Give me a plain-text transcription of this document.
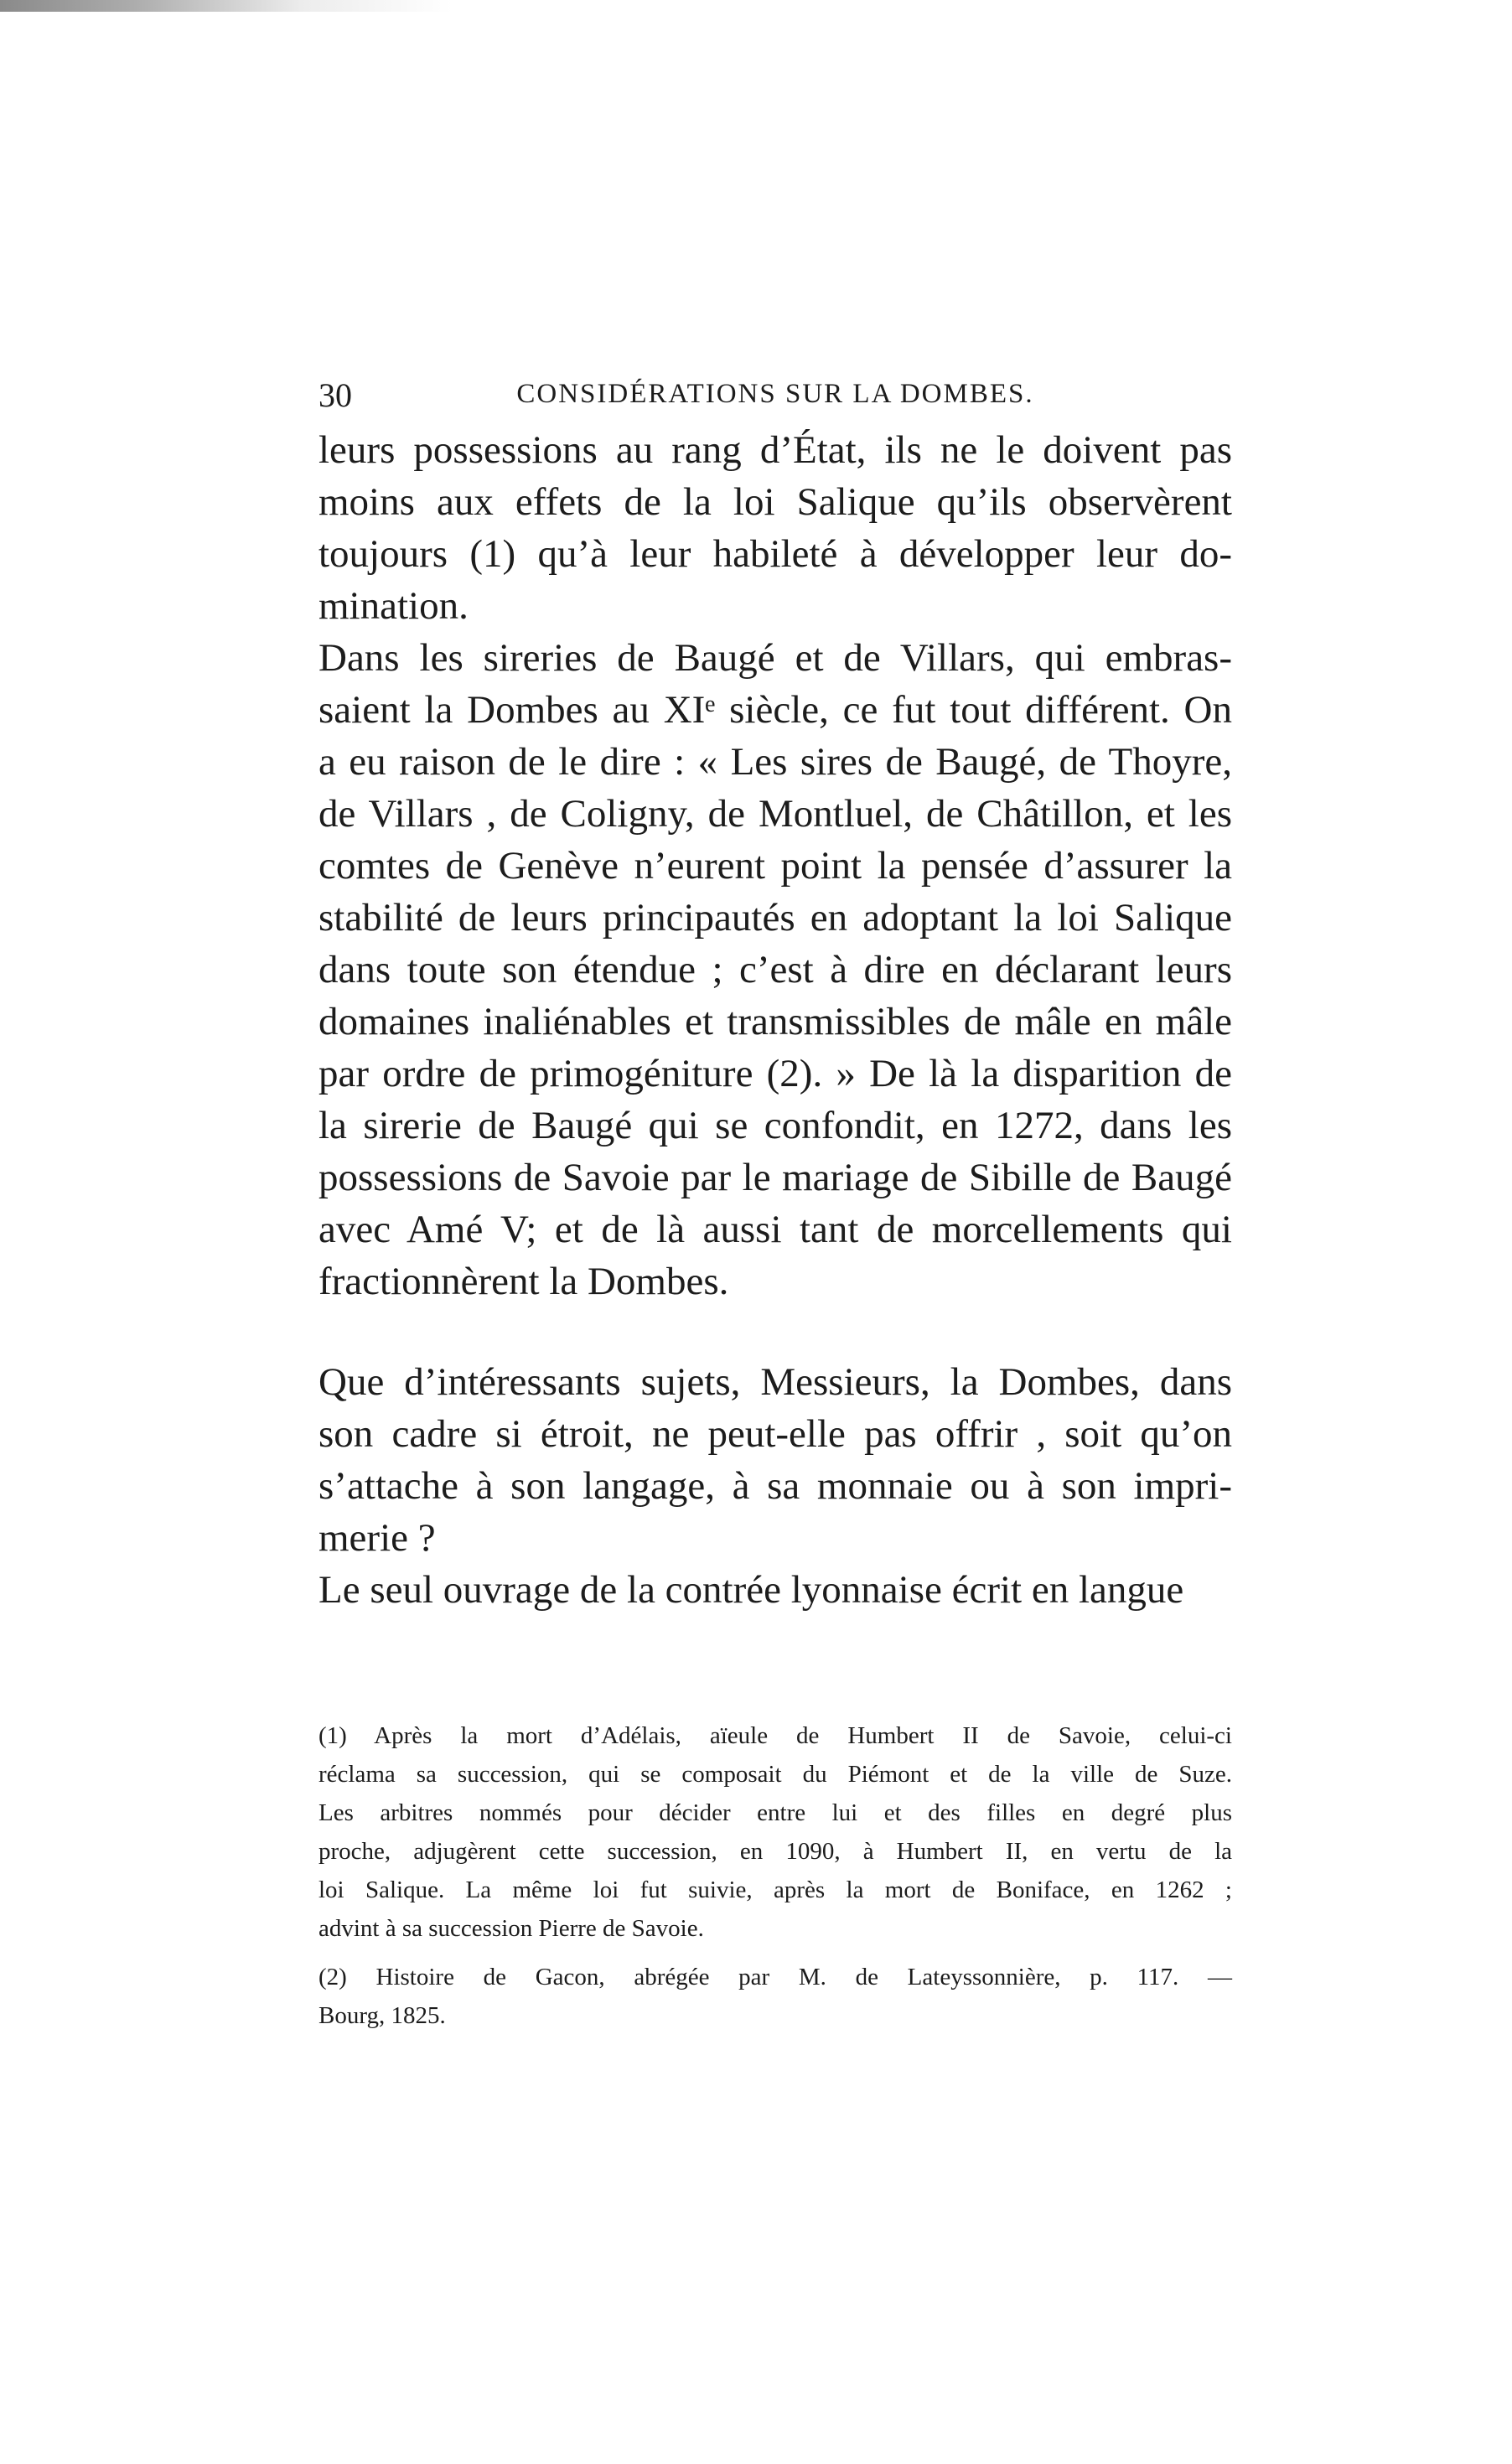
30	CONSIDÉRATIONS SUR LA DOMBES.
leurs possessions au rang d’État, ils ne le doivent pas
moins aux effets de la loi Salique qu’ils observèrent
toujours (1) qu’à leur habileté à développer leur do-
mination.
Dans les sireries de Baugé et de Villars, qui embras-
saient la Dombes au XIᵉ siècle, ce fut tout différent. On
a eu raison de le dire : « Les sires de Baugé, de Thoyre,
de Villars , de Coligny, de Montluel, de Châtillon, et les
comtes de Genève n’eurent point la pensée d’assurer la
stabilité de leurs principautés en adoptant la loi Salique
dans toute son étendue ; c’est à dire en déclarant leurs
domaines inaliénables et transmissibles de mâle en mâle
par ordre de primogéniture (2). » De là la disparition de
la sirerie de Baugé qui se confondit, en 1272, dans les
possessions de Savoie par le mariage de Sibille de Baugé
avec Amé V; et de là aussi tant de morcellements qui
fractionnèrent la Dombes.
Que d’intéressants sujets, Messieurs, la Dombes, dans
son cadre si étroit, ne peut-elle pas offrir , soit qu’on
s’attache à son langage, à sa monnaie ou à son impri-
merie ?
Le seul ouvrage de la contrée lyonnaise écrit en langue
(1) Après la mort d’Adélais, aïeule de Humbert II de Savoie, celui-ci
réclama sa succession, qui se composait du Piémont et de la ville de Suze.
Les arbitres nommés pour décider entre lui et des filles en degré plus
proche, adjugèrent cette succession, en 1090, à Humbert II, en vertu de la
loi Salique. La même loi fut suivie, après la mort de Boniface, en 1262 ;
advint à sa succession Pierre de Savoie.
(2) Histoire de Gacon, abrégée par M. de Lateyssonnière, p. 117. —
Bourg, 1825.
